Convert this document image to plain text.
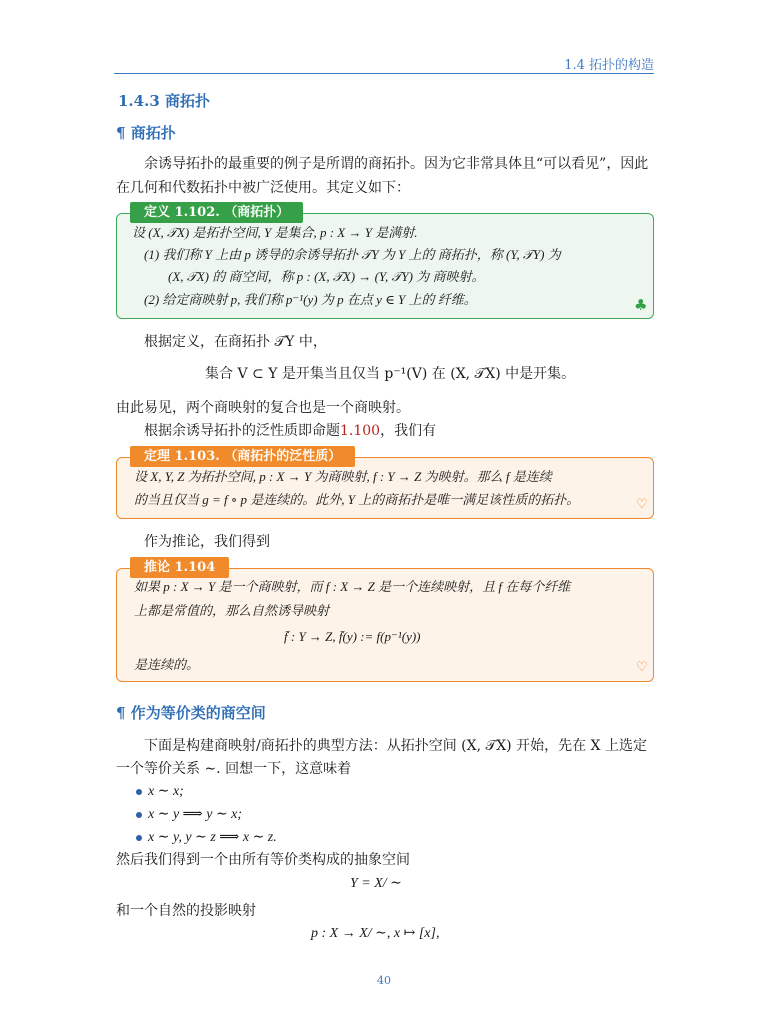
1.4 拓扑的构造
1.4.3 商拓扑
¶ 商拓扑
余诱导拓扑的最重要的例子是所谓的商拓扑。因为它非常具体且“可以看见”，因此
在几何和代数拓扑中被广泛使用。其定义如下：
定义 1.102. （商拓扑）
设 (X, 𝒯X) 是拓扑空间, Y 是集合, p : X → Y 是满射.
(1) 我们称 Y 上由 p 诱导的余诱导拓扑 𝒯Y 为 Y 上的 商拓扑，称 (Y, 𝒯Y) 为
(X, 𝒯X) 的 商空间，称 p : (X, 𝒯X) → (Y, 𝒯Y) 为 商映射。
(2) 给定商映射 p, 我们称 p⁻¹(y) 为 p 在点 y ∈ Y 上的 纤维。	♣
根据定义，在商拓扑 𝒯Y 中，
集合 V ⊂ Y 是开集当且仅当 p⁻¹(V) 在 (X, 𝒯X) 中是开集。
由此易见，两个商映射的复合也是一个商映射。
根据余诱导拓扑的泛性质即命题1.100，我们有
定理 1.103. （商拓扑的泛性质）
设 X, Y, Z 为拓扑空间, p : X → Y 为商映射, f : Y → Z 为映射。那么 f 是连续
的当且仅当 g = f ∘ p 是连续的。此外, Y 上的商拓扑是唯一满足该性质的拓扑。	♡
作为推论，我们得到
推论 1.104
如果 p : X → Y 是一个商映射，而 f : X → Z 是一个连续映射，且 f 在每个纤维
上都是常值的，那么自然诱导映射
f̄ : Y → Z, f̄(y) := f(p⁻¹(y))
是连续的。	♡
¶ 作为等价类的商空间
下面是构建商映射/商拓扑的典型方法：从拓扑空间 (X, 𝒯X) 开始，先在 X 上选定
一个等价关系 ∼. 回想一下，这意味着
x ∼ x;
x ∼ y ⟹ y ∼ x;
x ∼ y, y ∼ z ⟹ x ∼ z.
然后我们得到一个由所有等价类构成的抽象空间
Y = X/ ∼
和一个自然的投影映射
p : X → X/ ∼, x ↦ [x],
40
